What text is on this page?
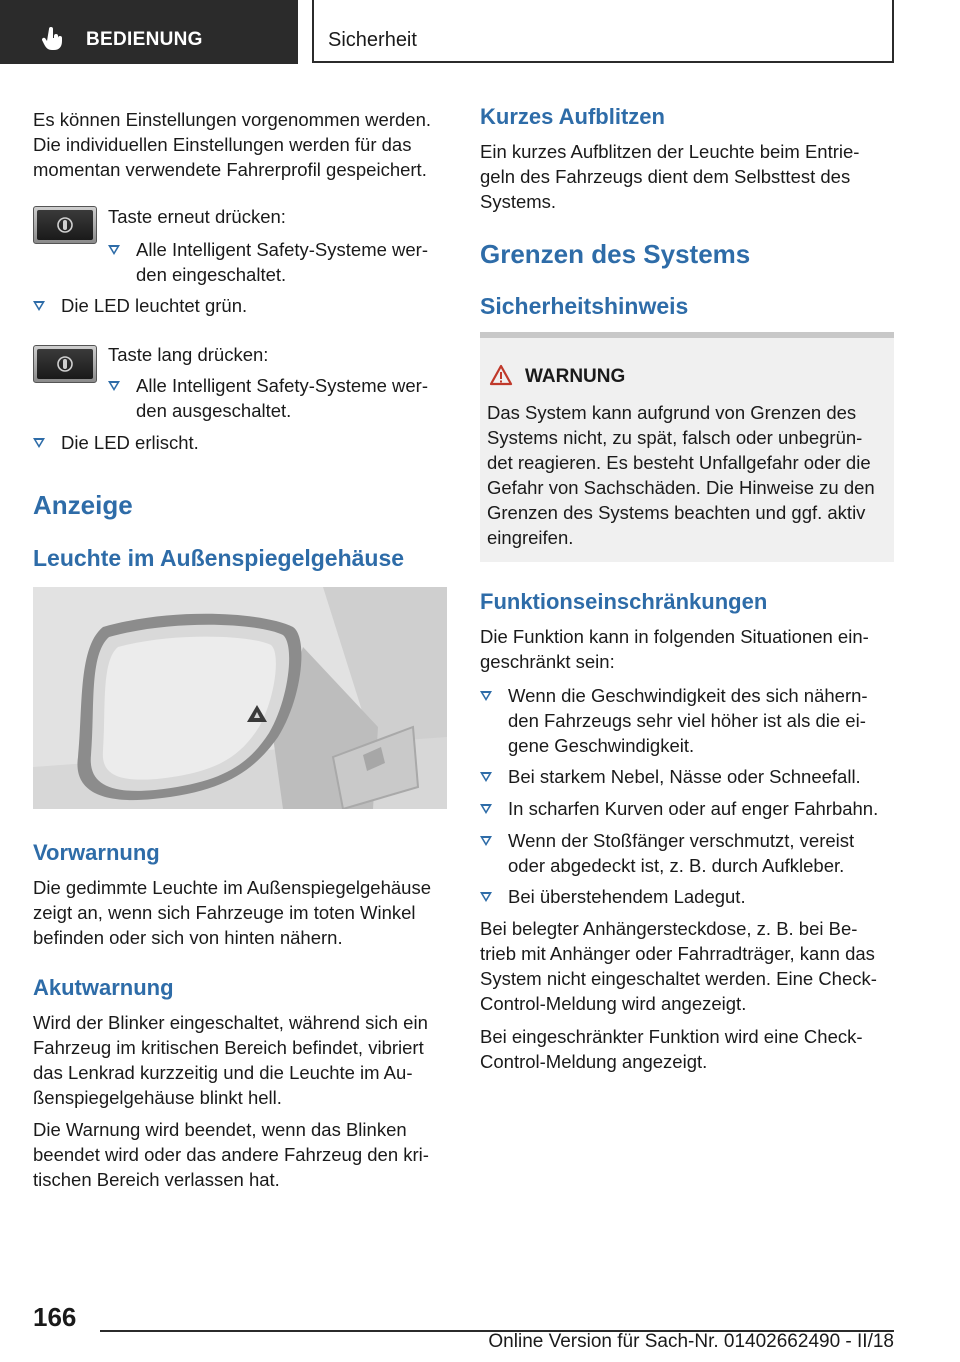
BEDIENUNG	Sicherheit

Es können Einstellungen vorgenommen werden.
Die individuellen Einstellungen werden für das
momentan verwendete Fahrerprofil gespeichert.

Taste erneut drücken:

Alle Intelligent Safety-Systeme wer-
den eingeschaltet.
Die LED leuchtet grün.

Taste lang drücken:

Alle Intelligent Safety-Systeme wer-
den ausgeschaltet.
Die LED erlischt.
Anzeige
Leuchte im Außenspiegelgehäuse
Vorwarnung

Die gedimmte Leuchte im Außenspiegelgehäuse
zeigt an, wenn sich Fahrzeuge im toten Winkel
befinden oder sich von hinten nähern.

Akutwarnung

Wird der Blinker eingeschaltet, während sich ein
Fahrzeug im kritischen Bereich befindet, vibriert
das Lenkrad kurzzeitig und die Leuchte im Au-
ßenspiegelgehäuse blinkt hell.

Die Warnung wird beendet, wenn das Blinken
beendet wird oder das andere Fahrzeug den kri-
tischen Bereich verlassen hat.

Kurzes Aufblitzen

Ein kurzes Aufblitzen der Leuchte beim Entrie-
geln des Fahrzeugs dient dem Selbsttest des
Systems.

Grenzen des Systems
Sicherheitshinweis
WARNUNG

Das System kann aufgrund von Grenzen des
Systems nicht, zu spät, falsch oder unbegrün-
det reagieren. Es besteht Unfallgefahr oder die
Gefahr von Sachschäden. Die Hinweise zu den
Grenzen des Systems beachten und ggf. aktiv
eingreifen.

Funktionseinschränkungen

Die Funktion kann in folgenden Situationen ein-
geschränkt sein:

Wenn die Geschwindigkeit des sich nähern-
den Fahrzeugs sehr viel höher ist als die ei-
gene Geschwindigkeit.
Bei starkem Nebel, Nässe oder Schneefall.
In scharfen Kurven oder auf enger Fahrbahn.
Wenn der Stoßfänger verschmutzt, vereist
oder abgedeckt ist, z. B. durch Aufkleber.
Bei überstehendem Ladegut.

Bei belegter Anhängersteckdose, z. B. bei Be-
trieb mit Anhänger oder Fahrradträger, kann das
System nicht eingeschaltet werden. Eine Check-
Control-Meldung wird angezeigt.

Bei eingeschränkter Funktion wird eine Check-
Control-Meldung angezeigt.

166
Online Version für Sach-Nr. 01402662490 - II/18
